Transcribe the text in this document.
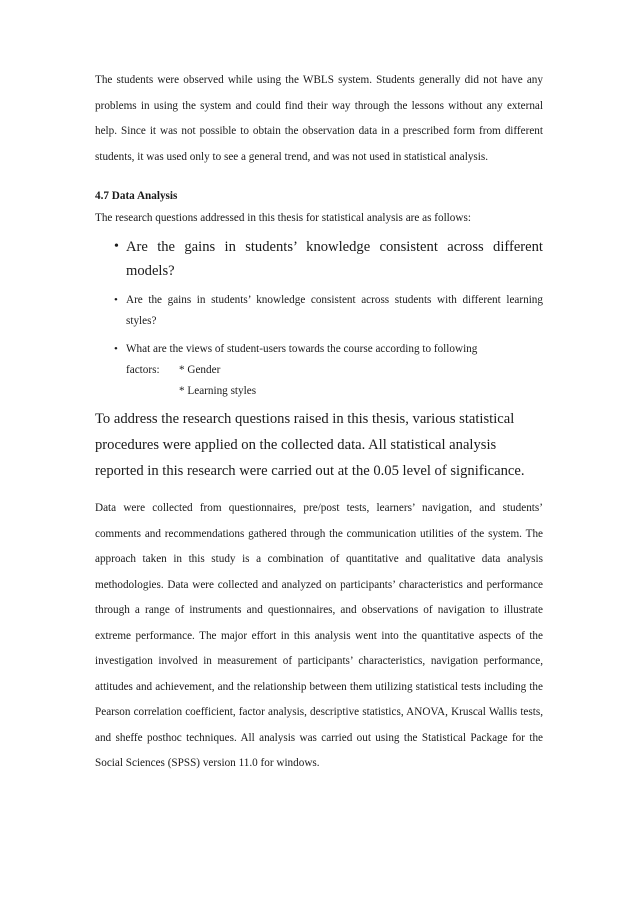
The students were observed while using the WBLS system. Students generally did not have any problems in using the system and could find their way through the lessons without any external help. Since it was not possible to obtain the observation data in a prescribed form from different students, it was used only to see a general trend, and was not used in statistical analysis.

4.7 Data Analysis

The research questions addressed in this thesis for statistical analysis are as follows:

• Are the gains in students’ knowledge consistent across different models?
• Are the gains in students’ knowledge consistent across students with different learning styles?
• What are the views of student-users towards the course according to following
factors: * Gender
* Learning styles

To address the research questions raised in this thesis, various statistical procedures were applied on the collected data. All statistical analysis reported in this research were carried out at the 0.05 level of significance.

Data were collected from questionnaires, pre/post tests, learners’ navigation, and students’ comments and recommendations gathered through the communication utilities of the system. The approach taken in this study is a combination of quantitative and qualitative data analysis methodologies. Data were collected and analyzed on participants’ characteristics and performance through a range of instruments and questionnaires, and observations of navigation to illustrate extreme performance. The major effort in this analysis went into the quantitative aspects of the investigation involved in measurement of participants’ characteristics, navigation performance, attitudes and achievement, and the relationship between them utilizing statistical tests including the Pearson correlation coefficient, factor analysis, descriptive statistics, ANOVA, Kruscal Wallis tests, and sheffe posthoc techniques. All analysis was carried out using the Statistical Package for the Social Sciences (SPSS) version 11.0 for windows.
